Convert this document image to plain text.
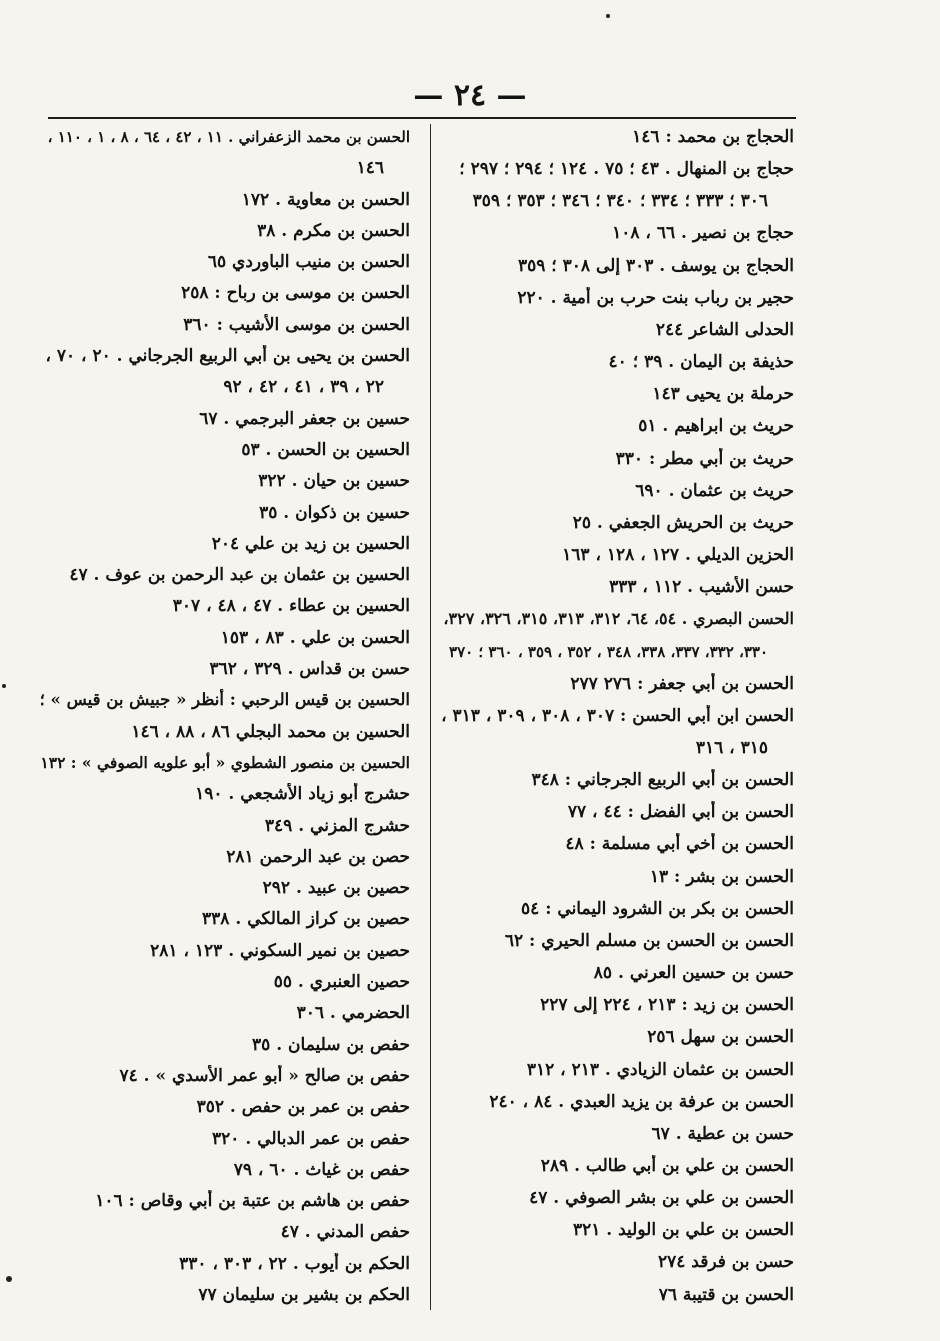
— ٢٤ —
الحجاج بن محمد : ١٤٦
حجاج بن المنهال . ٤٣ ؛ ٧٥ . ١٢٤ ؛ ٢٩٤ ؛ ٢٩٧ ؛
٣٠٦ ؛ ٣٣٣ ؛ ٣٣٤ ؛ ٣٤٠ ؛ ٣٤٦ ؛ ٣٥٣ ؛ ٣٥٩
حجاج بن نصير . ٦٦ ، ١٠٨
الحجاج بن يوسف . ٣٠٣ إلى ٣٠٨ ؛ ٣٥٩
حجير بن رباب بنت حرب بن أمية . ٢٢٠
الحدلى الشاعر ٢٤٤
حذيفة بن اليمان . ٣٩ ؛ ٤٠
حرملة بن يحيى ١٤٣
حريث بن ابراهيم . ٥١
حريث بن أبي مطر : ٣٣٠
حريث بن عثمان . ٦٩٠
حريث بن الحريش الجعفي . ٢٥
الحزين الديلي . ١٢٧ ، ١٢٨ ، ١٦٣
حسن الأشيب . ١١٢ ، ٣٣٣
الحسن البصري . ٥٤، ٦٤، ٣١٢، ٣١٣، ٣١٥، ٣٢٦، ٣٢٧،
٣٣٠، ٣٣٢، ٣٣٧، ٣٣٨، ٣٤٨ ، ٣٥٢ ، ٣٥٩ ، ٣٦٠ ؛ ٣٧٠
الحسن بن أبي جعفر : ٢٧٦ ٢٧٧
الحسن ابن أبي الحسن : ٣٠٧ ، ٣٠٨ ، ٣٠٩ ، ٣١٣ ،
٣١٥ ، ٣١٦
الحسن بن أبي الربيع الجرجاني : ٣٤٨
الحسن بن أبي الفضل : ٤٤ ، ٧٧
الحسن بن أخي أبي مسلمة : ٤٨
الحسن بن بشر : ١٣
الحسن بن بكر بن الشرود اليماني : ٥٤
الحسن بن الحسن بن مسلم الحيري : ٦٢
حسن بن حسين العرني . ٨٥
الحسن بن زيد : ٢١٣ ، ٢٢٤ إلى ٢٢٧
الحسن بن سهل ٢٥٦
الحسن بن عثمان الزيادي . ٢١٣ ، ٣١٢
الحسن بن عرفة بن يزيد العبدي . ٨٤ ، ٢٤٠
حسن بن عطية . ٦٧
الحسن بن علي بن أبي طالب . ٢٨٩
الحسن بن علي بن بشر الصوفي . ٤٧
الحسن بن علي بن الوليد . ٣٢١
حسن بن فرقد ٢٧٤
الحسن بن قتيبة ٧٦
الحسن بن محمد الزعفراني . ١١ ، ٤٢ ، ٦٤ ، ٨ ، ١ ، ١١٠ ،
١٤٦
الحسن بن معاوية . ١٧٢
الحسن بن مكرم . ٣٨
الحسن بن منيب الباوردي ٦٥
الحسن بن موسى بن رباح : ٢٥٨
الحسن بن موسى الأشيب : ٣٦٠
الحسن بن يحيى بن أبي الربيع الجرجاني . ٢٠ ، ٧٠ ،
٢٢ ، ٣٩ ، ٤١ ، ٤٢ ، ٩٢
حسين بن جعفر البرجمي . ٦٧
الحسين بن الحسن . ٥٣
حسين بن حيان . ٣٢٢
حسين بن ذكوان . ٣٥
الحسين بن زيد بن علي ٢٠٤
الحسين بن عثمان بن عبد الرحمن بن عوف . ٤٧
الحسين بن عطاء . ٤٧ ، ٤٨ ، ٣٠٧
الحسن بن علي . ٨٣ ، ١٥٣
حسن بن قداس . ٣٢٩ ، ٣٦٢
الحسين بن قيس الرحبي : أنظر « جبيش بن قيس » ؛
الحسين بن محمد البجلي ٨٦ ، ٨٨ ، ١٤٦
الحسين بن منصور الشطوي « أبو علويه الصوفي » : ١٣٢
حشرج أبو زياد الأشجعي . ١٩٠
حشرج المزني . ٣٤٩
حصن بن عبد الرحمن ٢٨١
حصين بن عبيد . ٢٩٢
حصين بن كراز المالكي . ٣٣٨
حصين بن نمير السكوني . ١٢٣ ، ٢٨١
حصين العنبري . ٥٥
الحضرمي . ٣٠٦
حفص بن سليمان . ٣٥
حفص بن صالح « أبو عمر الأسدي » . ٧٤
حفص بن عمر بن حفص . ٣٥٢
حفص بن عمر الدبالي . ٣٢٠
حفص بن غياث . ٦٠ ، ٧٩
حفص بن هاشم بن عتبة بن أبي وقاص : ١٠٦
حفص المدني . ٤٧
الحكم بن أيوب . ٢٢ ، ٣٠٣ ، ٣٣٠
الحكم بن بشير بن سليمان ٧٧
